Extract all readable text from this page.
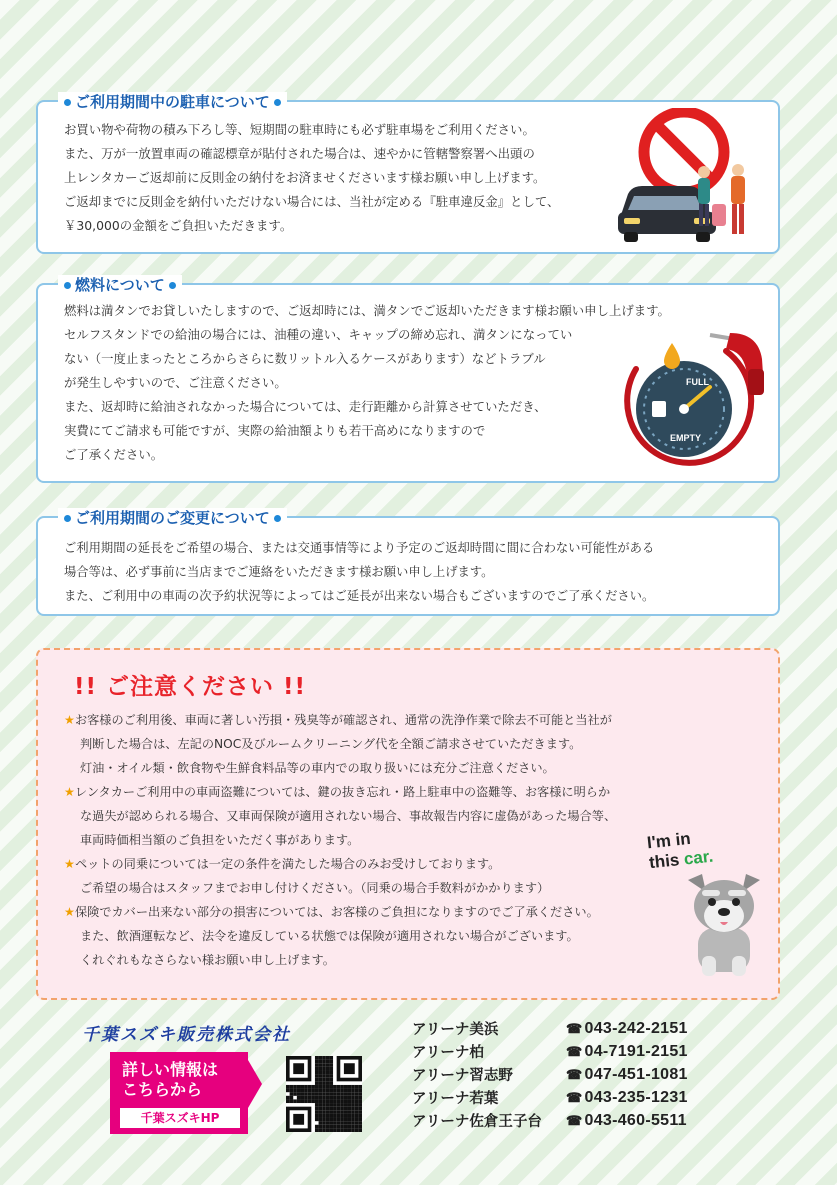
ご利用期間中の駐車について
お買い物や荷物の積み下ろし等、短期間の駐車時にも必ず駐車場をご利用ください。
また、万が一放置車両の確認標章が貼付された場合は、速やかに管轄警察署へ出頭の
上レンタカーご返却前に反則金の納付をお済ませくださいます様お願い申し上げます。
ご返却までに反則金を納付いただけない場合には、当社が定める『駐車違反金』として、
￥30,000の金額をご負担いただきます。
燃料について
燃料は満タンでお貸しいたしますので、ご返却時には、満タンでご返却いただきます様お願い申し上げます。
セルフスタンドでの給油の場合には、油種の違い、キャップの締め忘れ、満タンになってい
ない（一度止まったところからさらに数リットル入るケースがあります）などトラブル
が発生しやすいので、ご注意ください。
また、返却時に給油されなかった場合については、走行距離から計算させていただき、
実費にてご請求も可能ですが、実際の給油額よりも若干高めになりますので
ご了承ください。
FULL
EMPTY
ご利用期間のご変更について
ご利用期間の延長をご希望の場合、または交通事情等により予定のご返却時間に間に合わない可能性がある
場合等は、必ず事前に当店までご連絡をいただきます様お願い申し上げます。
また、ご利用中の車両の次予約状況等によってはご延長が出来ない場合もございますのでご了承ください。
!! ご注意ください !!
★お客様のご利用後、車両に著しい汚損・残臭等が確認され、通常の洗浄作業で除去不可能と当社が
判断した場合は、左記のNOC及びルームクリーニング代を全額ご請求させていただきます。
灯油・オイル類・飲食物や生鮮食料品等の車内での取り扱いには充分ご注意ください。
★レンタカーご利用中の車両盗難については、鍵の抜き忘れ・路上駐車中の盗難等、お客様に明らか
な過失が認められる場合、又車両保険が適用されない場合、事故報告内容に虚偽があった場合等、
車両時価相当額のご負担をいただく事があります。
★ペットの同乗については一定の条件を満たした場合のみお受けしております。
ご希望の場合はスタッフまでお申し付けください。（同乗の場合手数料がかかります）
★保険でカバー出来ない部分の損害については、お客様のご負担になりますのでご了承ください。
また、飲酒運転など、法令を違反している状態では保険が適用されない場合がございます。
くれぐれもなさらない様お願い申し上げます。
I'm in
this car.
千葉スズキ販売株式会社
詳しい情報は
こちらから
千葉スズキHP
アリーナ美浜	☎ 043-242-2151
アリーナ柏	☎ 04-7191-2151
アリーナ習志野	☎ 047-451-1081
アリーナ若葉	☎ 043-235-1231
アリーナ佐倉王子台	☎ 043-460-5511
